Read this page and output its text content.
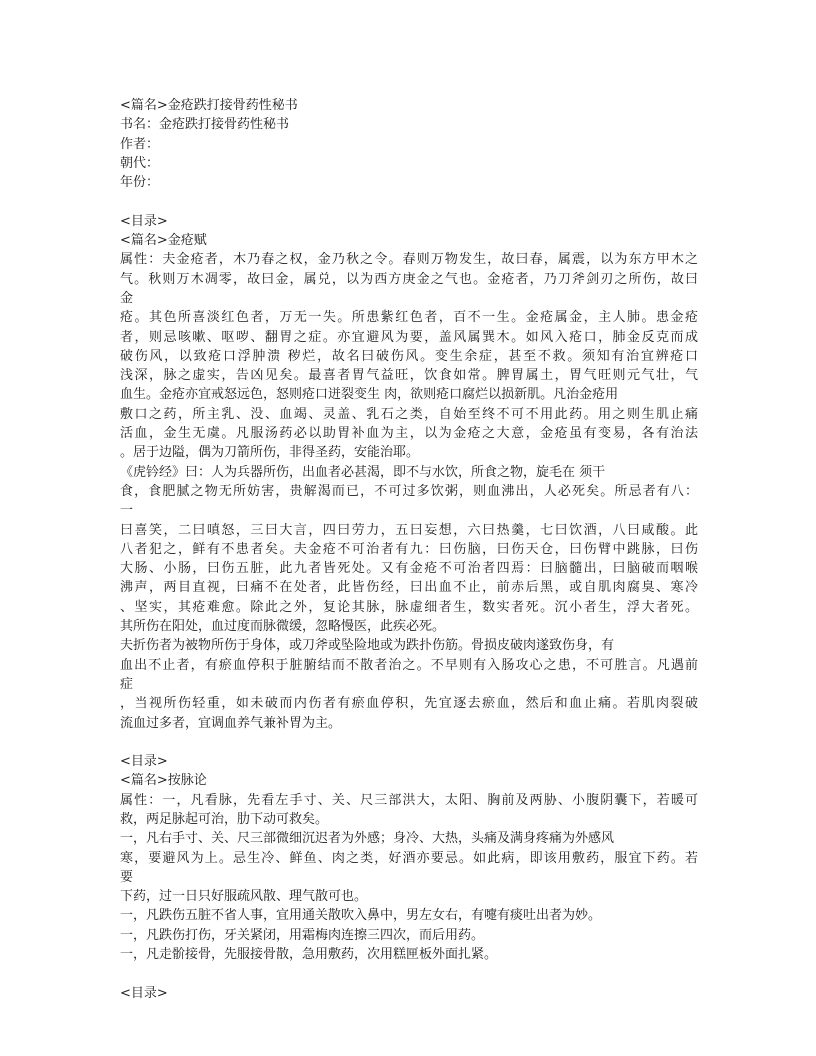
<篇名>金疮跌打接骨药性秘书
书名：金疮跌打接骨药性秘书
作者：
朝代：
年份：
<目录>
<篇名>金疮赋
属性：夫金疮者，木乃春之权，金乃秋之令。春则万物发生，故曰春，属震，以为东方甲木之
气。秋则万木凋零，故曰金，属兑，以为西方庚金之气也。金疮者，乃刀斧剑刃之所伤，故曰
金
疮。其色所喜淡红色者，万无一失。所患紫红色者，百不一生。金疮属金，主人肺。患金疮
者，则忌咳嗽、呕哕、翻胃之症。亦宜避风为要，盖风属巽木。如风入疮口，肺金反克而成
破伤风，以致疮口浮肿溃 秽烂，故名曰破伤风。变生余症，甚至不救。须知有治宜辨疮口
浅深，脉之虚实，告凶见矣。最喜者胃气益旺，饮食如常。脾胃属土，胃气旺则元气壮，气
血生。金疮亦宜戒怒远色，怒则疮口迸裂变生 肉，欲则疮口腐烂以损新肌。凡治金疮用
敷口之药，所主乳、没、血竭、灵盖、乳石之类，自始至终不可不用此药。用之则生肌止痛
活血，金生无虞。凡服汤药必以助胃补血为主，以为金疮之大意，金疮虽有变易，各有治法
。居于边隘，偶为刀箭所伤，非得圣药，安能治耶。
《虎钤经》曰：人为兵器所伤，出血者必甚渴，即不与水饮，所食之物，旋毛在 须干
食，食肥腻之物无所妨害，贵解渴而已，不可过多饮粥，则血沸出，人必死矣。所忌者有八：
一
曰喜笑，二曰嗔怒，三曰大言，四曰劳力，五曰妄想，六曰热羹，七曰饮酒，八曰咸酸。此
八者犯之，鲜有不患者矣。夫金疮不可治者有九：曰伤脑，曰伤天仓，曰伤臂中跳脉，曰伤
大肠、小肠，曰伤五脏，此九者皆死处。又有金疮不可治者四焉：曰脑髓出，曰脑破而咽喉
沸声，两目直视，曰痛不在处者，此皆伤经，曰出血不止，前赤后黑，或自肌肉腐臭、寒冷
、坚实，其疮难愈。除此之外，复论其脉，脉虚细者生，数实者死。沉小者生，浮大者死。
其所伤在阳处，血过度而脉微缓，忽略慢医，此疾必死。
夫折伤者为被物所伤于身体，或刀斧或坠险地或为跌扑伤筋。骨损皮破肉遂致伤身，有
血出不止者，有瘀血停积于脏腑结而不散者治之。不早则有入肠攻心之患，不可胜言。凡遇前
症
，当视所伤轻重，如未破而内伤者有瘀血停积，先宜逐去瘀血，然后和血止痛。若肌肉裂破
流血过多者，宜调血养气兼补胃为主。
<目录>
<篇名>按脉论
属性：一，凡看脉，先看左手寸、关、尺三部洪大，太阳、胸前及两胁、小腹阴囊下，若暖可
救，两足脉起可治，肋下动可救矣。
一，凡右手寸、关、尺三部微细沉迟者为外感；身冷、大热，头痛及满身疼痛为外感风
寒，要避风为上。忌生冷、鲜鱼、肉之类，好酒亦要忌。如此病，即该用敷药，服宜下药。若
要
下药，过一日只好服疏风散、理气散可也。
一，凡跌伤五脏不省人事，宜用通关散吹入鼻中，男左女右，有嚏有痰吐出者为妙。
一，凡跌伤打伤，牙关紧闭，用霜梅肉连擦三四次，而后用药。
一，凡走骱接骨，先服接骨散，急用敷药，次用糕匣板外面扎紧。
<目录>
